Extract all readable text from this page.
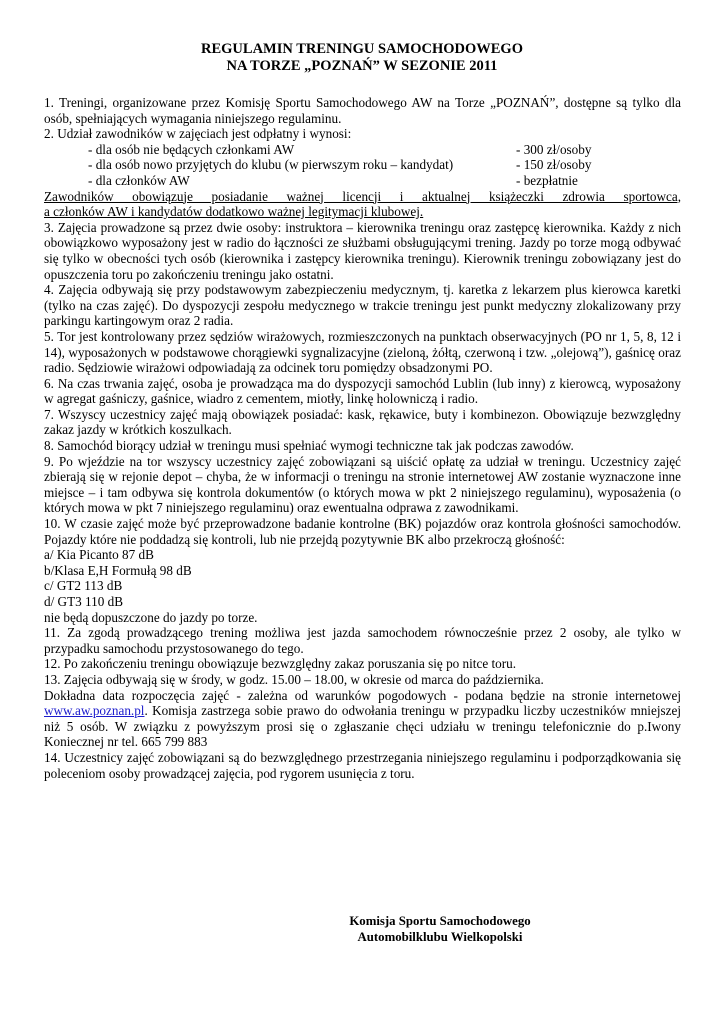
REGULAMIN TRENINGU SAMOCHODOWEGO
NA TORZE „POZNAŃ” W SEZONIE 2011

1. Treningi, organizowane przez Komisję Sportu Samochodowego AW na Torze „POZNAŃ”, dostępne są tylko dla osób, spełniających wymagania niniejszego regulaminu.

2. Udział zawodników w zajęciach jest odpłatny i wynosi:

- dla osób nie będących członkami AW	- 300 zł/osoby
- dla osób nowo przyjętych do klubu (w pierwszym roku – kandydat)	- 150 zł/osoby
- dla członków AW	- bezpłatnie

Zawodników obowiązuje posiadanie ważnej licencji i aktualnej książeczki zdrowia sportowca,

a członków AW i kandydatów dodatkowo ważnej legitymacji klubowej.

3. Zajęcia prowadzone są przez dwie osoby: instruktora – kierownika treningu oraz zastępcę kierownika. Każdy z nich obowiązkowo wyposażony jest w radio do łączności ze służbami obsługującymi trening. Jazdy po torze mogą odbywać się tylko w obecności tych osób (kierownika i zastępcy kierownika treningu). Kierownik treningu zobowiązany jest do opuszczenia toru po zakończeniu treningu jako ostatni.

4. Zajęcia odbywają się przy podstawowym zabezpieczeniu medycznym, tj. karetka z lekarzem plus kierowca karetki (tylko na czas zajęć). Do dyspozycji zespołu medycznego w trakcie treningu jest punkt medyczny zlokalizowany przy parkingu kartingowym oraz 2 radia.

5. Tor jest kontrolowany przez sędziów wirażowych, rozmieszczonych na punktach obserwacyjnych (PO nr 1, 5, 8, 12 i 14), wyposażonych w podstawowe chorągiewki sygnalizacyjne (zieloną, żółtą, czerwoną i tzw. „olejową”), gaśnicę oraz radio. Sędziowie wirażowi odpowiadają za odcinek toru pomiędzy obsadzonymi PO.

6. Na czas trwania zajęć, osoba je prowadząca ma do dyspozycji samochód Lublin (lub inny) z kierowcą, wyposażony w agregat gaśniczy, gaśnice, wiadro z cementem, miotły, linkę holowniczą i radio.

7. Wszyscy uczestnicy zajęć mają obowiązek posiadać: kask, rękawice, buty i kombinezon. Obowiązuje bezwzględny zakaz jazdy w krótkich koszulkach.

8. Samochód biorący udział w treningu musi spełniać wymogi techniczne tak jak podczas zawodów.

9. Po wjeździe na tor wszyscy uczestnicy zajęć zobowiązani są uiścić opłatę za udział w treningu. Uczestnicy zajęć zbierają się w rejonie depot – chyba, że w informacji o treningu na stronie internetowej AW zostanie wyznaczone inne miejsce – i tam odbywa się kontrola dokumentów (o których mowa w pkt 2 niniejszego regulaminu), wyposażenia (o których mowa w pkt 7 niniejszego regulaminu) oraz ewentualna odprawa z zawodnikami.

10. W czasie zajęć może być przeprowadzone badanie kontrolne (BK) pojazdów oraz kontrola głośności samochodów. Pojazdy które nie poddadzą się kontroli, lub nie przejdą pozytywnie BK albo przekroczą głośność:

a/ Kia Picanto 87 dB

b/Klasa E,H Formułą 98 dB

c/ GT2 113 dB

d/ GT3 110 dB

nie będą dopuszczone do jazdy po torze.

11. Za zgodą prowadzącego trening możliwa jest jazda samochodem równocześnie przez 2 osoby, ale tylko w przypadku samochodu przystosowanego do tego.

12. Po zakończeniu treningu obowiązuje bezwzględny zakaz poruszania się po nitce toru.

13. Zajęcia odbywają się w środy, w godz. 15.00 – 18.00, w okresie od marca do października.

Dokładna data rozpoczęcia zajęć - zależna od warunków pogodowych - podana będzie na stronie internetowej www.aw.poznan.pl. Komisja zastrzega sobie prawo do odwołania treningu w przypadku liczby uczestników mniejszej niż 5 osób. W związku z powyższym prosi się o zgłaszanie chęci udziału w treningu telefonicznie do p.Iwony Koniecznej nr tel. 665 799 883

14. Uczestnicy zajęć zobowiązani są do bezwzględnego przestrzegania niniejszego regulaminu i podporządkowania się poleceniom osoby prowadzącej zajęcia, pod rygorem usunięcia z toru.

Komisja Sportu Samochodowego

Automobilklubu Wielkopolski
